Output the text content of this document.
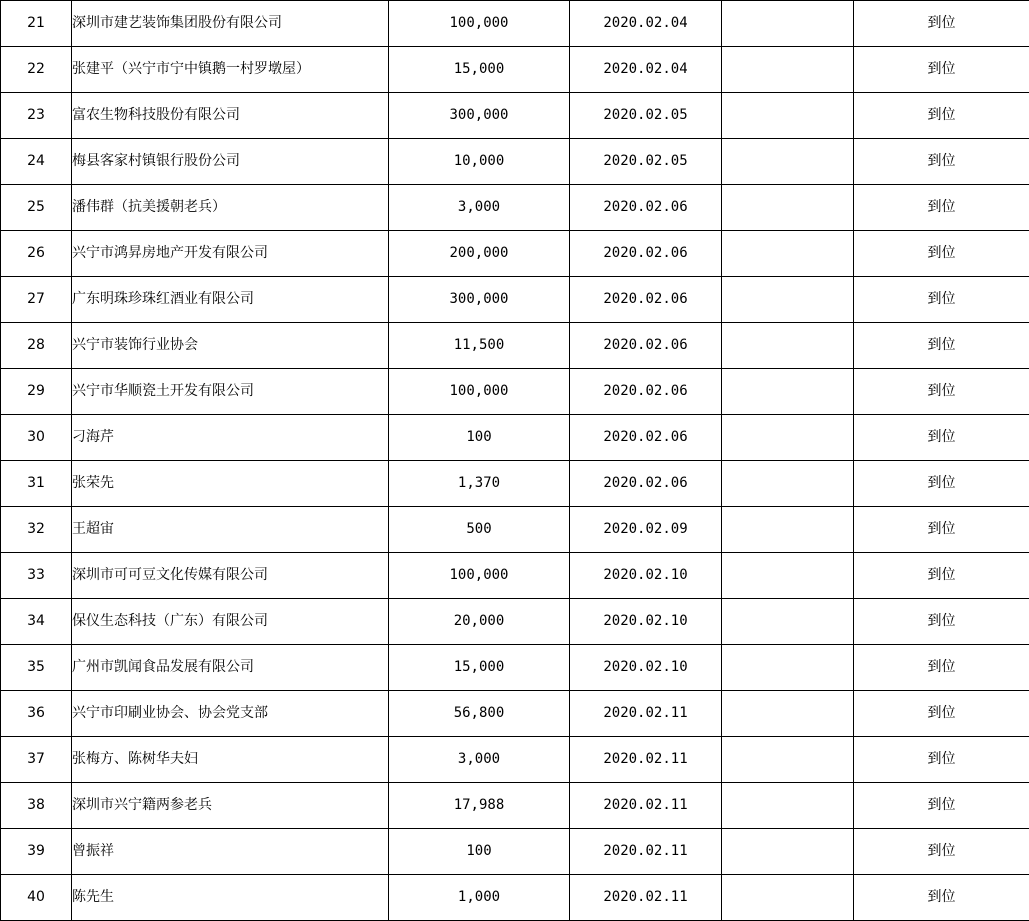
21	深圳市建艺装饰集团股份有限公司	100,000	2020.02.04		到位
22	张建平（兴宁市宁中镇鹅一村罗墩屋）	15,000	2020.02.04		到位
23	富农生物科技股份有限公司	300,000	2020.02.05		到位
24	梅县客家村镇银行股份公司	10,000	2020.02.05		到位
25	潘伟群（抗美援朝老兵）	3,000	2020.02.06		到位
26	兴宁市鸿昇房地产开发有限公司	200,000	2020.02.06		到位
27	广东明珠珍珠红酒业有限公司	300,000	2020.02.06		到位
28	兴宁市装饰行业协会	11,500	2020.02.06		到位
29	兴宁市华顺瓷土开发有限公司	100,000	2020.02.06		到位
30	刁海芹	100	2020.02.06		到位
31	张荣先	1,370	2020.02.06		到位
32	王超宙	500	2020.02.09		到位
33	深圳市可可豆文化传媒有限公司	100,000	2020.02.10		到位
34	保仪生态科技（广东）有限公司	20,000	2020.02.10		到位
35	广州市凯闻食品发展有限公司	15,000	2020.02.10		到位
36	兴宁市印刷业协会、协会党支部	56,800	2020.02.11		到位
37	张梅方、陈树华夫妇	3,000	2020.02.11		到位
38	深圳市兴宁籍两参老兵	17,988	2020.02.11		到位
39	曾振祥	100	2020.02.11		到位
40	陈先生	1,000	2020.02.11		到位
